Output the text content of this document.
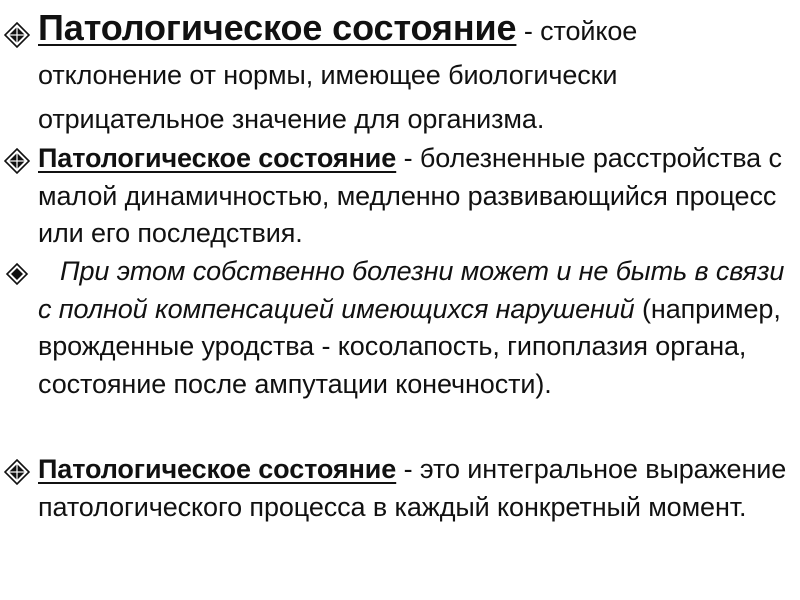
Патологическое состояние - стойкое отклонение от нормы, имеющее биологически отрицательное значение для организма.
Патологическое состояние - болезненные расстройства с малой динамичностью, медленно развивающийся процесс или его последствия.
При этом собственно болезни может и не быть в связи с полной компенсацией имеющихся нарушений (например, врожденные уродства - косолапость, гипоплазия органа, состояние после ампутации конечности).
Патологическое состояние - это интегральное выражение патологического процесса в каждый конкретный момент.
